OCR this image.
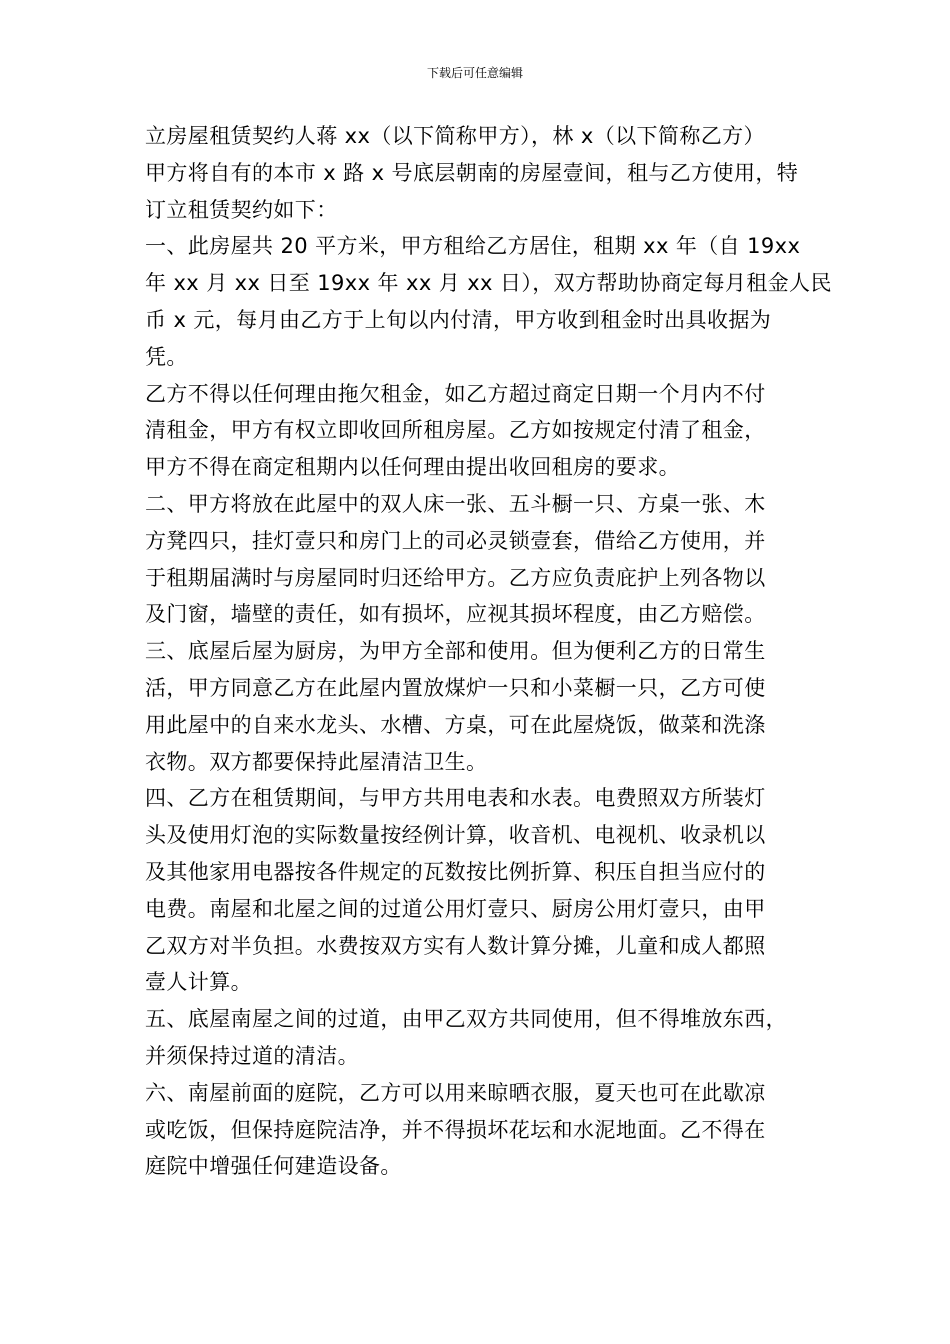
下载后可任意编辑
立房屋租赁契约人蒋 xx（以下简称甲方），林 x（以下简称乙方）
甲方将自有的本市 x 路 x 号底层朝南的房屋壹间，租与乙方使用，特
订立租赁契约如下：
一、此房屋共 20 平方米，甲方租给乙方居住，租期 xx 年（自 19xx
年 xx 月 xx 日至 19xx 年 xx 月 xx 日），双方帮助协商定每月租金人民
币 x 元，每月由乙方于上旬以内付清，甲方收到租金时出具收据为
凭。
乙方不得以任何理由拖欠租金，如乙方超过商定日期一个月内不付
清租金，甲方有权立即收回所租房屋。乙方如按规定付清了租金，
甲方不得在商定租期内以任何理由提出收回租房的要求。
二、甲方将放在此屋中的双人床一张、五斗橱一只、方桌一张、木
方凳四只，挂灯壹只和房门上的司必灵锁壹套，借给乙方使用，并
于租期届满时与房屋同时归还给甲方。乙方应负责庇护上列各物以
及门窗，墙壁的责任，如有损坏，应视其损坏程度，由乙方赔偿。
三、底屋后屋为厨房，为甲方全部和使用。但为便利乙方的日常生
活，甲方同意乙方在此屋内置放煤炉一只和小菜橱一只，乙方可使
用此屋中的自来水龙头、水槽、方桌，可在此屋烧饭，做菜和洗涤
衣物。双方都要保持此屋清洁卫生。
四、乙方在租赁期间，与甲方共用电表和水表。电费照双方所装灯
头及使用灯泡的实际数量按经例计算，收音机、电视机、收录机以
及其他家用电器按各件规定的瓦数按比例折算、积压自担当应付的
电费。南屋和北屋之间的过道公用灯壹只、厨房公用灯壹只，由甲
乙双方对半负担。水费按双方实有人数计算分摊，儿童和成人都照
壹人计算。
五、底屋南屋之间的过道，由甲乙双方共同使用，但不得堆放东西，
并须保持过道的清洁。
六、南屋前面的庭院，乙方可以用来晾晒衣服，夏天也可在此歇凉
或吃饭，但保持庭院洁净，并不得损坏花坛和水泥地面。乙不得在
庭院中增强任何建造设备。
